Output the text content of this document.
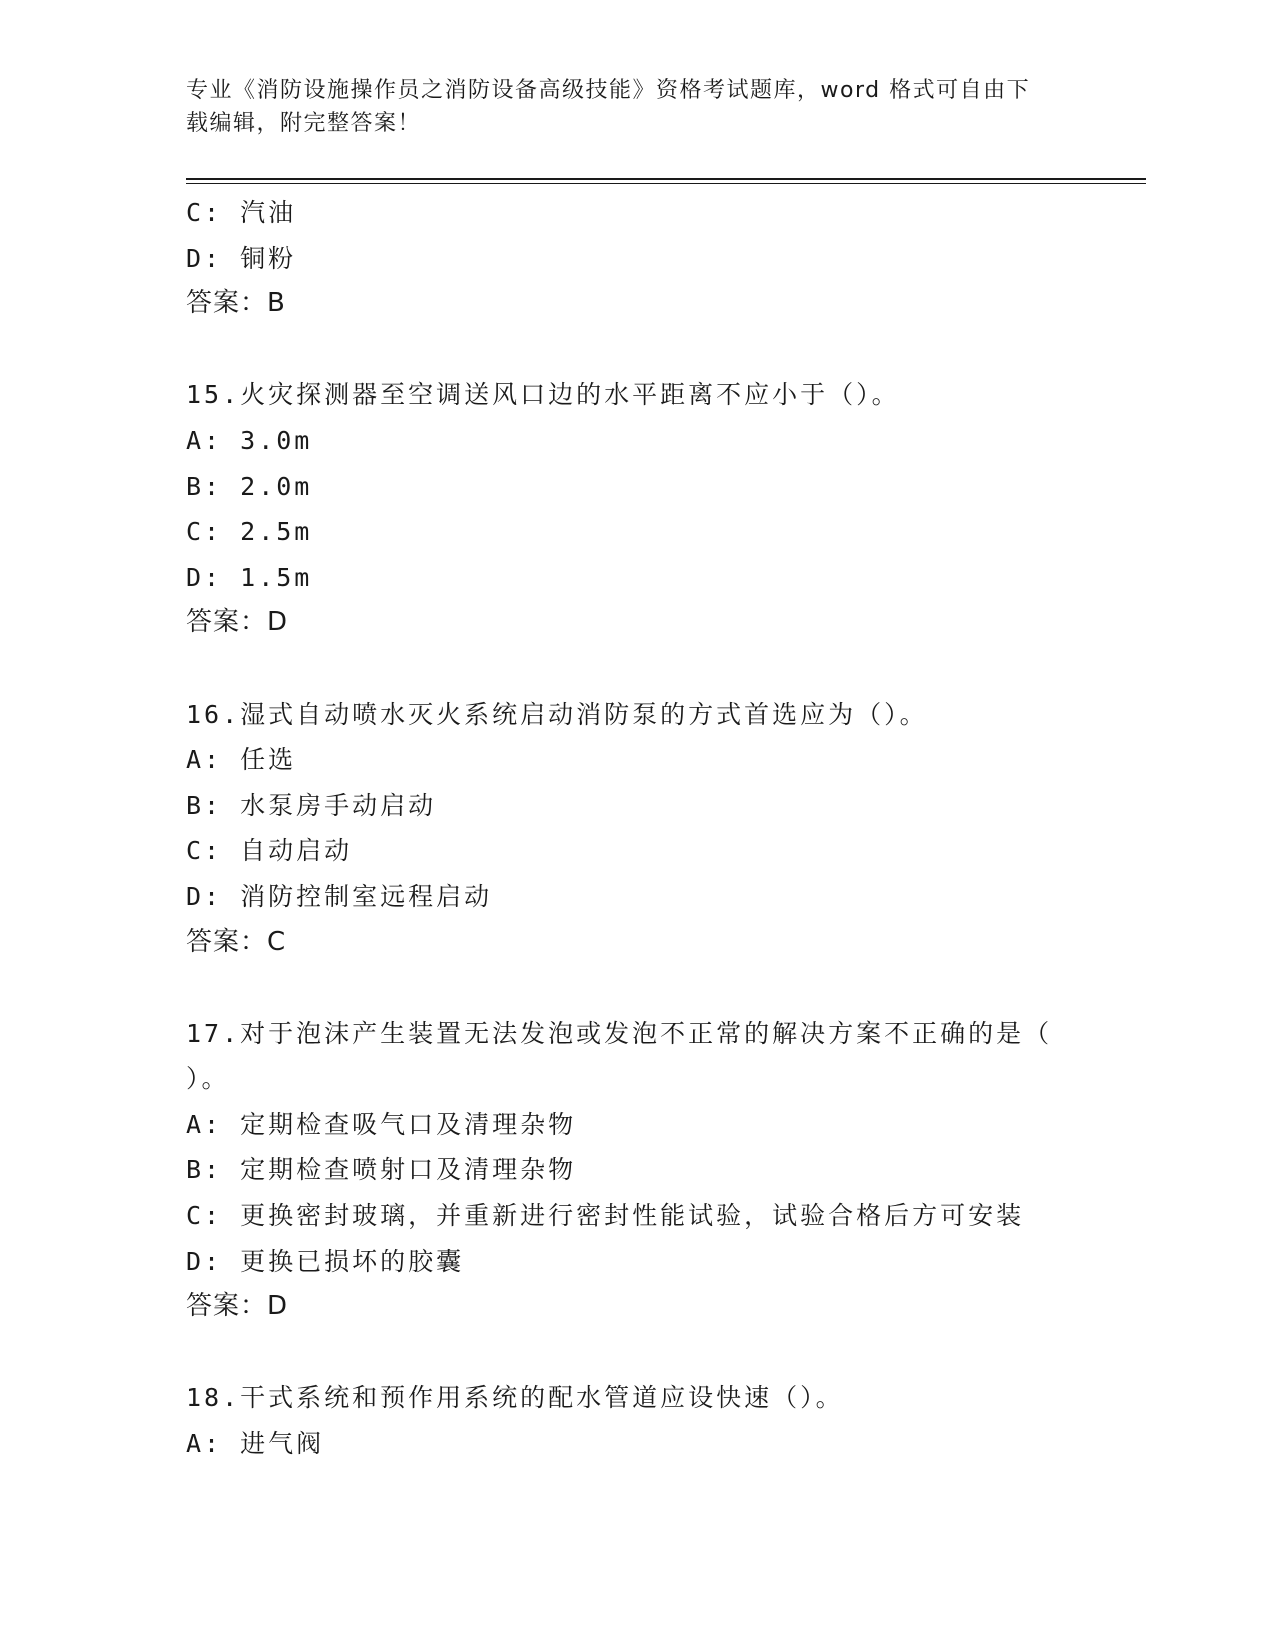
专业《消防设施操作员之消防设备高级技能》资格考试题库，word 格式可自由下
载编辑，附完整答案！
C: 汽油
D: 铜粉
答案：B
15.火灾探测器至空调送风口边的水平距离不应小于（）。
A: 3.0m
B: 2.0m
C: 2.5m
D: 1.5m
答案：D
16.湿式自动喷水灭火系统启动消防泵的方式首选应为（）。
A: 任选
B: 水泵房手动启动
C: 自动启动
D: 消防控制室远程启动
答案：C
17.对于泡沫产生装置无法发泡或发泡不正常的解决方案不正确的是（
）。
A: 定期检查吸气口及清理杂物
B: 定期检查喷射口及清理杂物
C: 更换密封玻璃，并重新进行密封性能试验，试验合格后方可安装
D: 更换已损坏的胶囊
答案：D
18.干式系统和预作用系统的配水管道应设快速（）。
A: 进气阀
